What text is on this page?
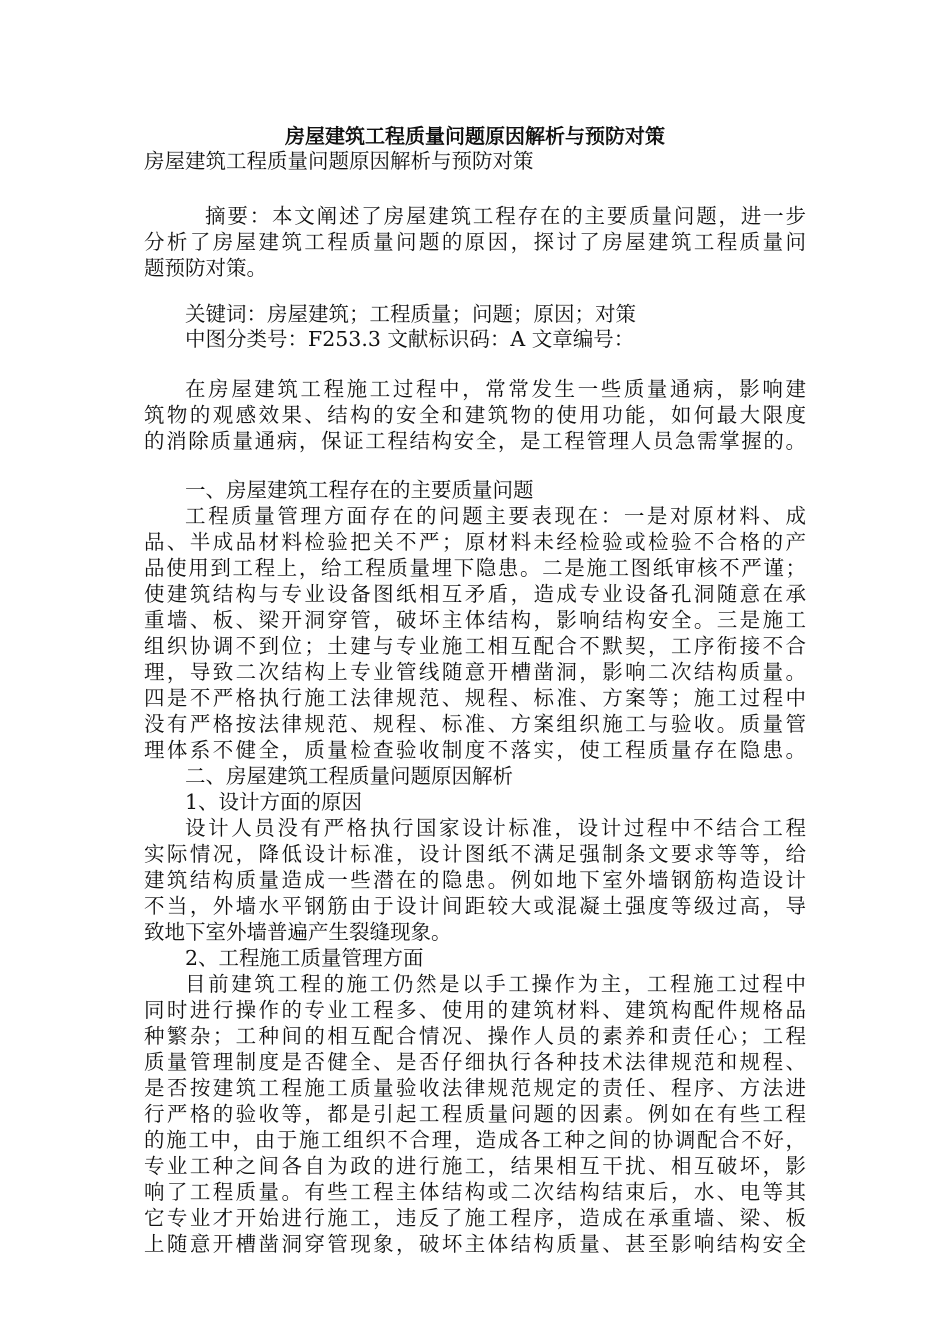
房屋建筑工程质量问题原因解析与预防对策
房屋建筑工程质量问题原因解析与预防对策
摘要：本文阐述了房屋建筑工程存在的主要质量问题，进一步
分析了房屋建筑工程质量问题的原因，探讨了房屋建筑工程质量问
题预防对策。
关键词：房屋建筑；工程质量；问题；原因；对策
中图分类号：F253.3 文献标识码：A 文章编号：
在房屋建筑工程施工过程中，常常发生一些质量通病，影响建
筑物的观感效果、结构的安全和建筑物的使用功能，如何最大限度
的消除质量通病，保证工程结构安全，是工程管理人员急需掌握的。
一、房屋建筑工程存在的主要质量问题
工程质量管理方面存在的问题主要表现在：一是对原材料、成
品、半成品材料检验把关不严；原材料未经检验或检验不合格的产
品使用到工程上，给工程质量埋下隐患。二是施工图纸审核不严谨；
使建筑结构与专业设备图纸相互矛盾，造成专业设备孔洞随意在承
重墙、板、梁开洞穿管，破坏主体结构，影响结构安全。三是施工
组织协调不到位；土建与专业施工相互配合不默契，工序衔接不合
理，导致二次结构上专业管线随意开槽凿洞，影响二次结构质量。
四是不严格执行施工法律规范、规程、标准、方案等；施工过程中
没有严格按法律规范、规程、标准、方案组织施工与验收。质量管
理体系不健全，质量检查验收制度不落实，使工程质量存在隐患。
二、房屋建筑工程质量问题原因解析
1、设计方面的原因
设计人员没有严格执行国家设计标准，设计过程中不结合工程
实际情况，降低设计标准，设计图纸不满足强制条文要求等等，给
建筑结构质量造成一些潜在的隐患。例如地下室外墙钢筋构造设计
不当，外墙水平钢筋由于设计间距较大或混凝土强度等级过高，导
致地下室外墙普遍产生裂缝现象。
2、工程施工质量管理方面
目前建筑工程的施工仍然是以手工操作为主，工程施工过程中
同时进行操作的专业工程多、使用的建筑材料、建筑构配件规格品
种繁杂；工种间的相互配合情况、操作人员的素养和责任心；工程
质量管理制度是否健全、是否仔细执行各种技术法律规范和规程、
是否按建筑工程施工质量验收法律规范规定的责任、程序、方法进
行严格的验收等，都是引起工程质量问题的因素。例如在有些工程
的施工中，由于施工组织不合理，造成各工种之间的协调配合不好，
专业工种之间各自为政的进行施工，结果相互干扰、相互破坏，影
响了工程质量。有些工程主体结构或二次结构结束后，水、电等其
它专业才开始进行施工，违反了施工程序，造成在承重墙、梁、板
上随意开槽凿洞穿管现象，破坏主体结构质量、甚至影响结构安全
